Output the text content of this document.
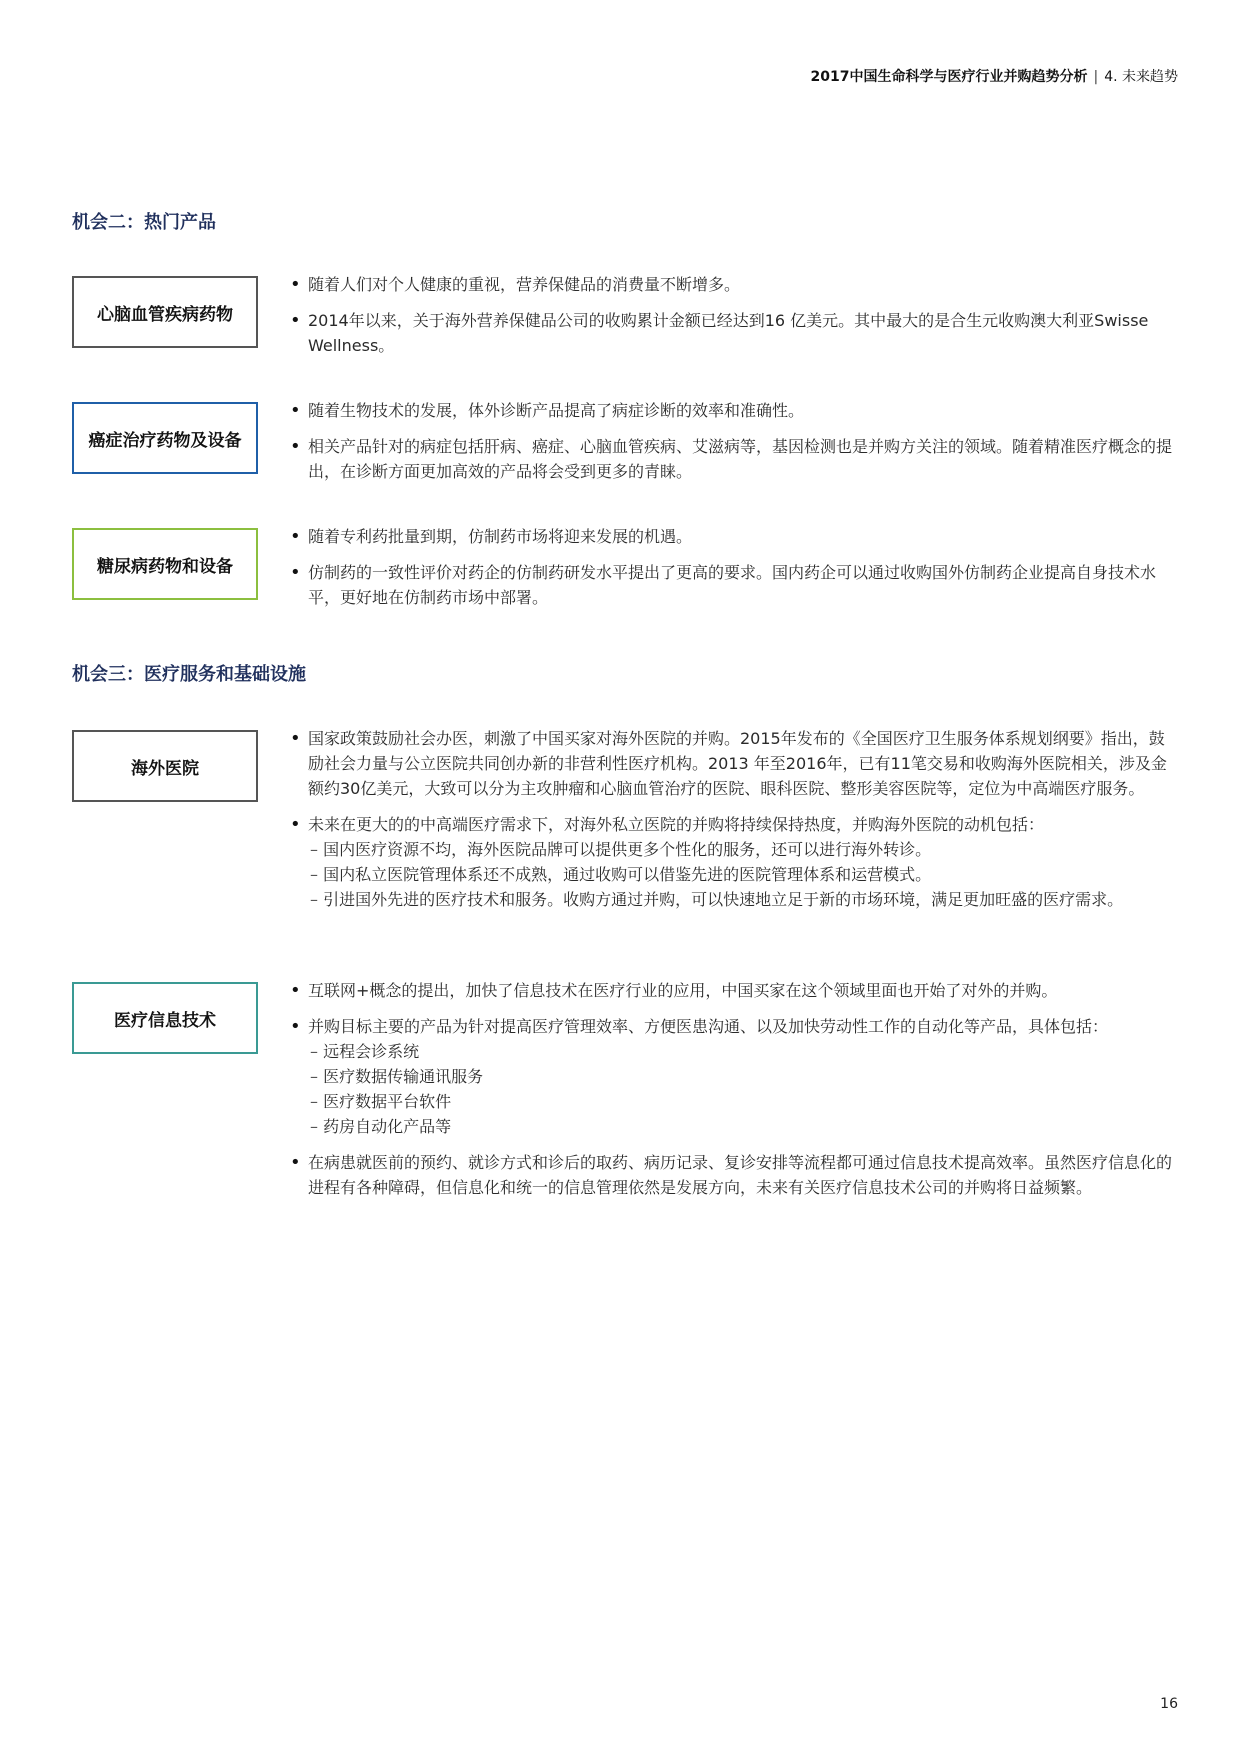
2017中国生命科学与医疗行业并购趋势分析 | 4. 未来趋势
机会二：热门产品
心脑血管疾病药物
• 随着人们对个人健康的重视，营养保健品的消费量不断增多。
• 2014年以来，关于海外营养保健品公司的收购累计金额已经达到16 亿美元。其中最大的是合生元收购澳大利亚Swisse Wellness。
癌症治疗药物及设备
• 随着生物技术的发展，体外诊断产品提高了病症诊断的效率和准确性。
• 相关产品针对的病症包括肝病、癌症、心脑血管疾病、艾滋病等，基因检测也是并购方关注的领域。随着精准医疗概念的提出，在诊断方面更加高效的产品将会受到更多的青睐。
糖尿病药物和设备
• 随着专利药批量到期，仿制药市场将迎来发展的机遇。
• 仿制药的一致性评价对药企的仿制药研发水平提出了更高的要求。国内药企可以通过收购国外仿制药企业提高自身技术水平，更好地在仿制药市场中部署。
机会三：医疗服务和基础设施
海外医院
• 国家政策鼓励社会办医，刺激了中国买家对海外医院的并购。2015年发布的《全国医疗卫生服务体系规划纲要》指出，鼓励社会力量与公立医院共同创办新的非营利性医疗机构。2013 年至2016年，已有11笔交易和收购海外医院相关，涉及金额约30亿美元，大致可以分为主攻肿瘤和心脑血管治疗的医院、眼科医院、整形美容医院等，定位为中高端医疗服务。
• 未来在更大的的中高端医疗需求下，对海外私立医院的并购将持续保持热度，并购海外医院的动机包括：
– 国内医疗资源不均，海外医院品牌可以提供更多个性化的服务，还可以进行海外转诊。
– 国内私立医院管理体系还不成熟，通过收购可以借鉴先进的医院管理体系和运营模式。
– 引进国外先进的医疗技术和服务。收购方通过并购，可以快速地立足于新的市场环境，满足更加旺盛的医疗需求。
医疗信息技术
• 互联网+概念的提出，加快了信息技术在医疗行业的应用，中国买家在这个领域里面也开始了对外的并购。
• 并购目标主要的产品为针对提高医疗管理效率、方便医患沟通、以及加快劳动性工作的自动化等产品，具体包括：
– 远程会诊系统
– 医疗数据传输通讯服务
– 医疗数据平台软件
– 药房自动化产品等
• 在病患就医前的预约、就诊方式和诊后的取药、病历记录、复诊安排等流程都可通过信息技术提高效率。虽然医疗信息化的进程有各种障碍，但信息化和统一的信息管理依然是发展方向，未来有关医疗信息技术公司的并购将日益频繁。
16
